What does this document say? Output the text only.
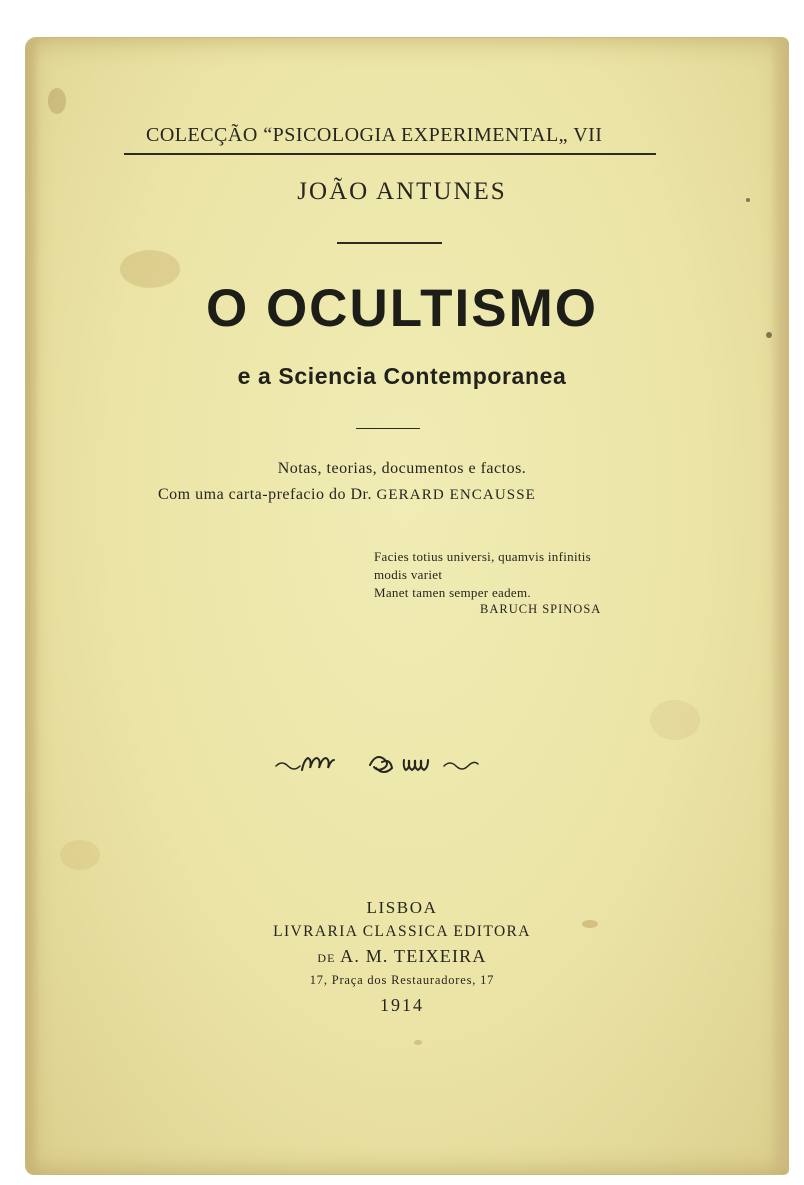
COLECÇÃO “PSICOLOGIA EXPERIMENTAL„ VII
JOÃO ANTUNES
O OCULTISMO
e a Sciencia Contemporanea
Notas, teorias, documentos e factos.
Com uma carta-prefacio do Dr. GERARD ENCAUSSE
Facies totius universi, quamvis infinitis
modis variet
Manet tamen semper eadem.
BARUCH SPINOSA
LISBOA
LIVRARIA CLASSICA EDITORA
DE A. M. TEIXEIRA
17, Praça dos Restauradores, 17
1914
